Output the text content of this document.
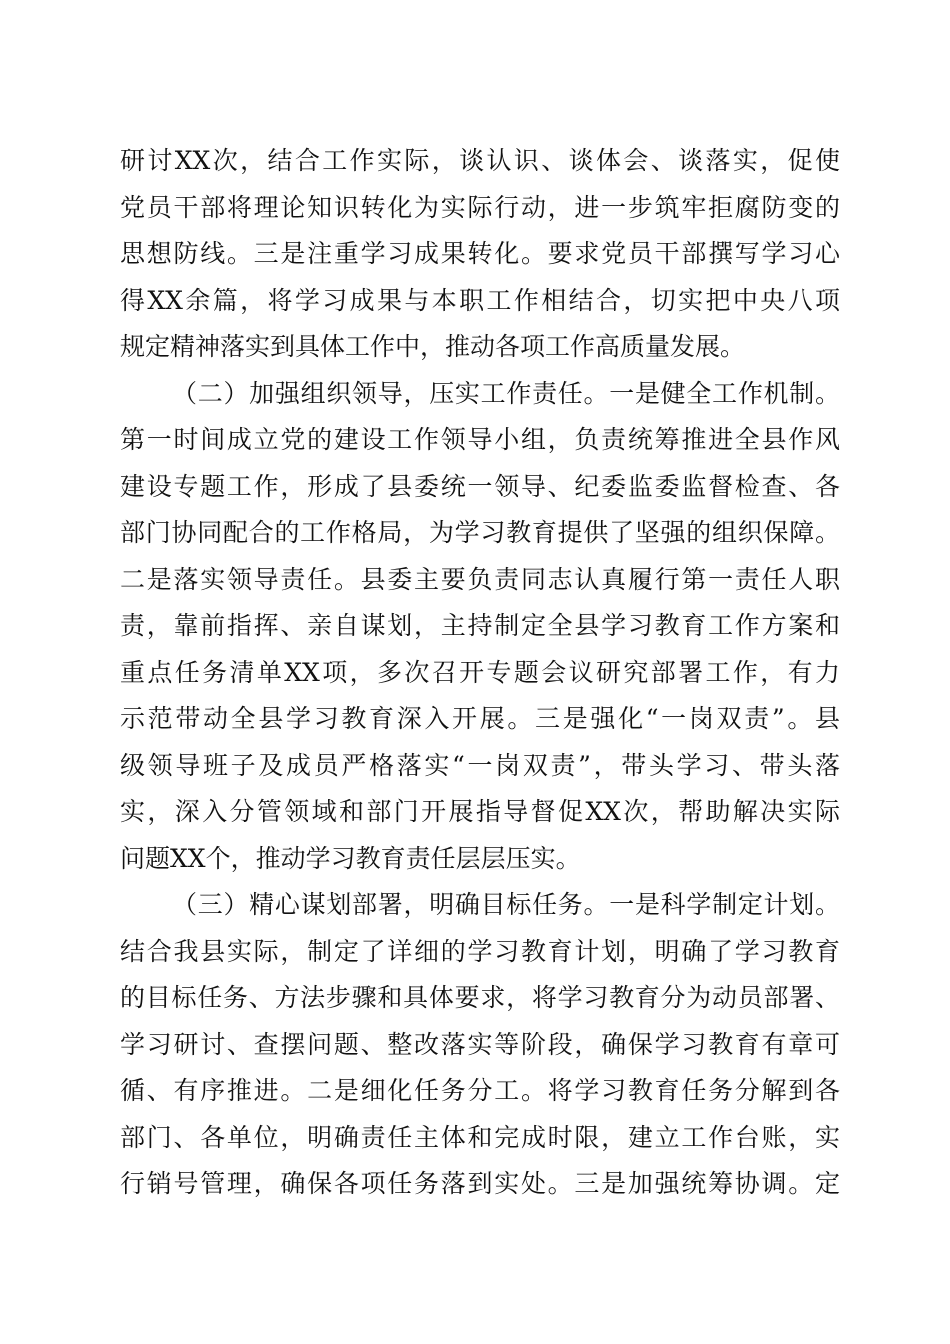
研讨XX次，结合工作实际，谈认识、谈体会、谈落实，促使
党员干部将理论知识转化为实际行动，进一步筑牢拒腐防变的
思想防线。三是注重学习成果转化。要求党员干部撰写学习心
得XX余篇，将学习成果与本职工作相结合，切实把中央八项
规定精神落实到具体工作中，推动各项工作高质量发展。
（二）加强组织领导，压实工作责任。一是健全工作机制。
第一时间成立党的建设工作领导小组，负责统筹推进全县作风
建设专题工作，形成了县委统一领导、纪委监委监督检查、各
部门协同配合的工作格局，为学习教育提供了坚强的组织保障。
二是落实领导责任。县委主要负责同志认真履行第一责任人职
责，靠前指挥、亲自谋划，主持制定全县学习教育工作方案和
重点任务清单XX项，多次召开专题会议研究部署工作，有力
示范带动全县学习教育深入开展。三是强化“一岗双责”。县
级领导班子及成员严格落实“一岗双责”，带头学习、带头落
实，深入分管领域和部门开展指导督促XX次，帮助解决实际
问题XX个，推动学习教育责任层层压实。
（三）精心谋划部署，明确目标任务。一是科学制定计划。
结合我县实际，制定了详细的学习教育计划，明确了学习教育
的目标任务、方法步骤和具体要求，将学习教育分为动员部署、
学习研讨、查摆问题、整改落实等阶段，确保学习教育有章可
循、有序推进。二是细化任务分工。将学习教育任务分解到各
部门、各单位，明确责任主体和完成时限，建立工作台账，实
行销号管理，确保各项任务落到实处。三是加强统筹协调。定
